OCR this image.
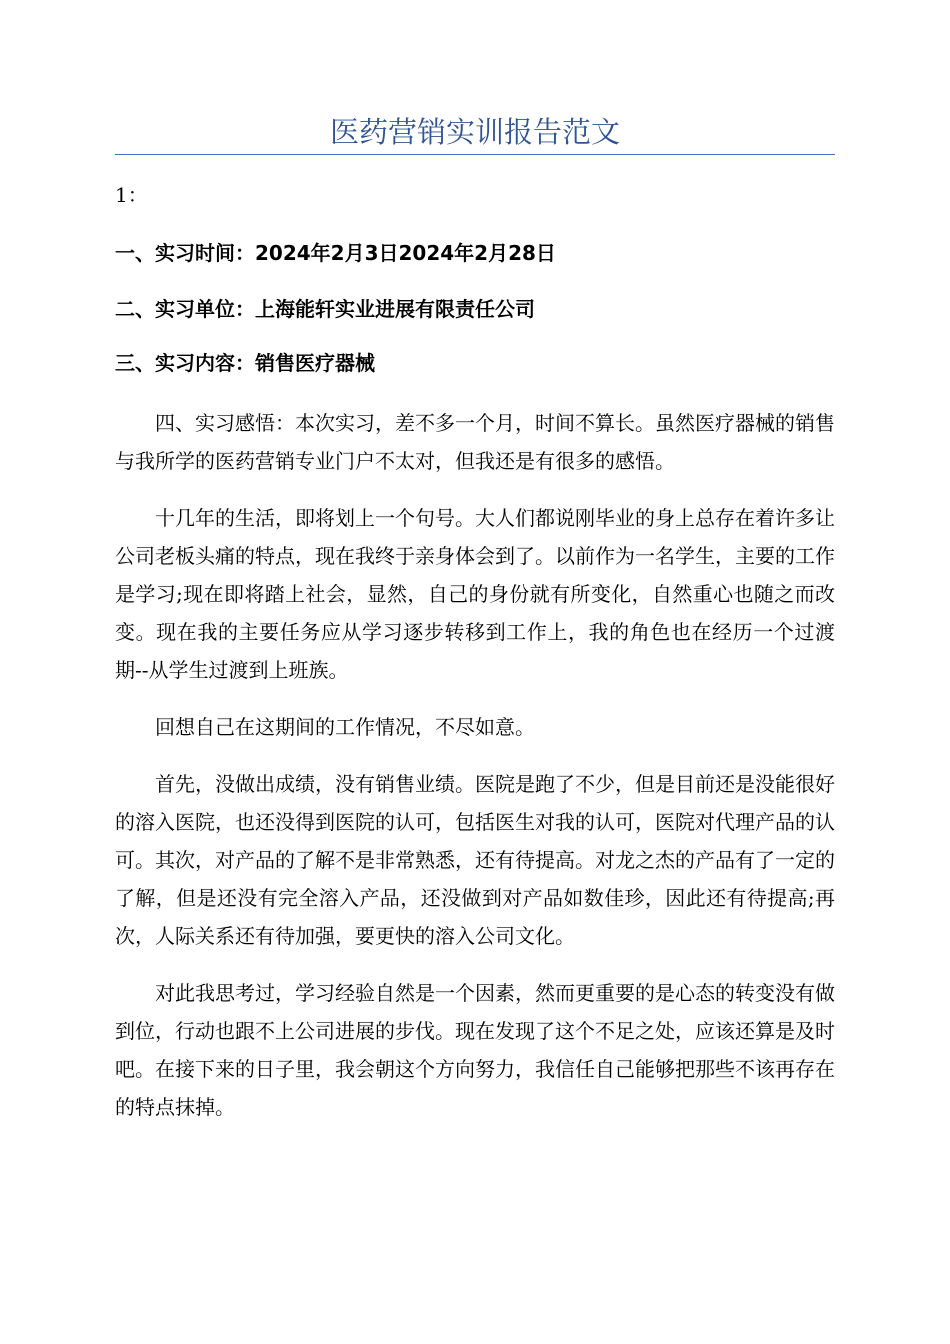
医药营销实训报告范文

1：

一、实习时间：2024年2月3日2024年2月28日

二、实习单位：上海能轩实业进展有限责任公司

三、实习内容：销售医疗器械

四、实习感悟：本次实习，差不多一个月，时间不算长。虽然医疗器械的销售与我所学的医药营销专业门户不太对，但我还是有很多的感悟。

十几年的生活，即将划上一个句号。大人们都说刚毕业的身上总存在着许多让公司老板头痛的特点，现在我终于亲身体会到了。以前作为一名学生，主要的工作是学习;现在即将踏上社会，显然，自己的身份就有所变化，自然重心也随之而改变。现在我的主要任务应从学习逐步转移到工作上，我的角色也在经历一个过渡期--从学生过渡到上班族。

回想自己在这期间的工作情况，不尽如意。

首先，没做出成绩，没有销售业绩。医院是跑了不少，但是目前还是没能很好的溶入医院，也还没得到医院的认可，包括医生对我的认可，医院对代理产品的认可。其次，对产品的了解不是非常熟悉，还有待提高。对龙之杰的产品有了一定的了解，但是还没有完全溶入产品，还没做到对产品如数佳珍，因此还有待提高;再次，人际关系还有待加强，要更快的溶入公司文化。

对此我思考过，学习经验自然是一个因素，然而更重要的是心态的转变没有做到位，行动也跟不上公司进展的步伐。现在发现了这个不足之处，应该还算是及时吧。在接下来的日子里，我会朝这个方向努力，我信任自己能够把那些不该再存在的特点抹掉。
